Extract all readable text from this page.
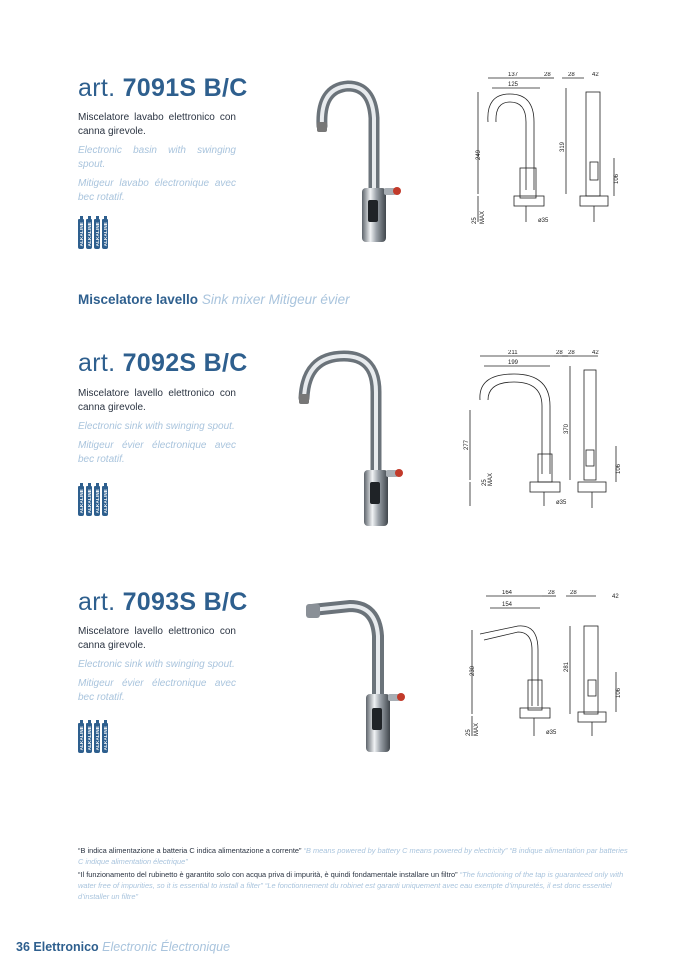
art. 7091S B/C
Miscelatore lavabo elettronico con canna girevole.
Electronic basin with swinging spout.
Mitigeur lavabo électronique avec bec rotatif.
ALKALINE ALKALINE ALKALINE ALKALINE
137	28	28	42
125
249
319
106
25 MAX	ø35
Miscelatore lavello Sink mixer Mitigeur évier
art. 7092S B/C
Miscelatore lavello elettronico con canna girevole.
Electronic sink with swinging spout.
Mitigeur évier électronique avec bec rotatif.
ALKALINE ALKALINE ALKALINE ALKALINE
211	28 28	42
199
277
370
106
25 MAX
ø35
art. 7093S B/C
Miscelatore lavello elettronico con canna girevole.
Electronic sink with swinging spout.
Mitigeur évier électronique avec bec rotatif.
ALKALINE ALKALINE ALKALINE ALKALINE
164	28	28
42
154
230	281
106
25 MAX	ø35
“B indica alimentazione a batteria C indica alimentazione a corrente” “B means powered by battery C means powered by electricity” “B indique alimentation par batteries C indique alimentation électrique”
“Il funzionamento del rubinetto è garantito solo con acqua priva di impurità, è quindi fondamentale installare un filtro” “The functioning of the tap is guaranteed only with water free of impurities, so it is essential to install a filter” “Le fonctionnement du robinet est garanti uniquement avec eau exempte d’impuretés, il est donc essentiel d’installer un filtre”
36 Elettronico Electronic Électronique
